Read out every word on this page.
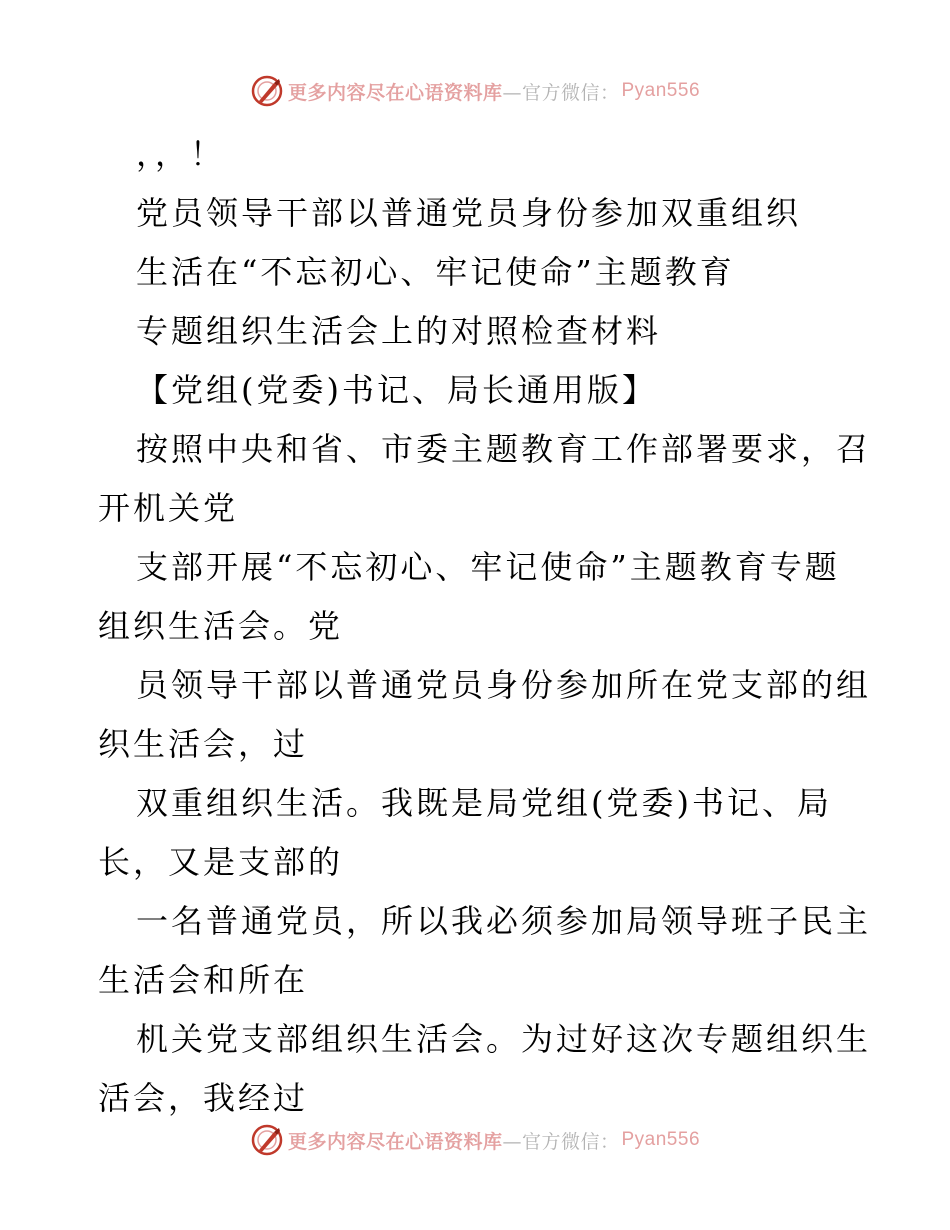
更多内容尽在心语资料库 —官方微信： Pyan556
，，！
党员领导干部以普通党员身份参加双重组织
生活在“不忘初心、牢记使命”主题教育
专题组织生活会上的对照检查材料
【党组(党委)书记、局长通用版】
按照中央和省、市委主题教育工作部署要求，召
开机关党
支部开展“不忘初心、牢记使命”主题教育专题
组织生活会。党
员领导干部以普通党员身份参加所在党支部的组
织生活会，过
双重组织生活。我既是局党组(党委)书记、局
长，又是支部的
一名普通党员，所以我必须参加局领导班子民主
生活会和所在
机关党支部组织生活会。为过好这次专题组织生
活会，我经过
更多内容尽在心语资料库 —官方微信： Pyan556
